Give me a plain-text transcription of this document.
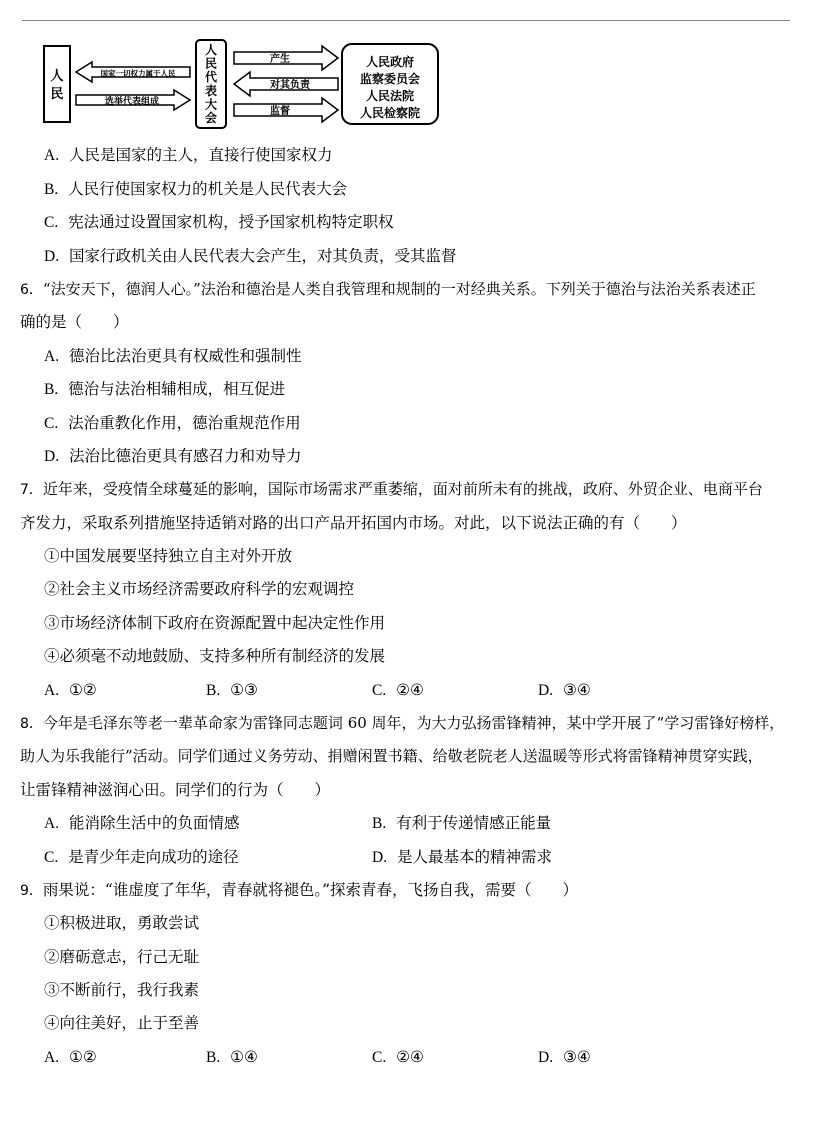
人
民
国家一切权力属于人民
选举代表组成
产生
对其负责
监督
人民政府
监察委员会
人民法院
人民检察院
人
民
代
表
大
会
A. 人民是国家的主人，直接行使国家权力
B. 人民行使国家权力的机关是人民代表大会
C. 宪法通过设置国家机构，授予国家机构特定职权
D. 国家行政机关由人民代表大会产生，对其负责，受其监督
6．“法安天下，德润人心。”法治和德治是人类自我管理和规制的一对经典关系。下列关于德治与法治关系表述正
确的是（　　）
A. 德治比法治更具有权威性和强制性
B. 德治与法治相辅相成，相互促进
C. 法治重教化作用，德治重规范作用
D. 法治比德治更具有感召力和劝导力
7．近年来，受疫情全球蔓延的影响，国际市场需求严重萎缩，面对前所未有的挑战，政府、外贸企业、电商平台
齐发力，采取系列措施坚持适销对路的出口产品开拓国内市场。对此，以下说法正确的有（　　）
①中国发展要坚持独立自主对外开放
②社会主义市场经济需要政府科学的宏观调控
③市场经济体制下政府在资源配置中起决定性作用
④必须毫不动地鼓励、支持多种所有制经济的发展
A. ①②	B. ①③	C. ②④	D. ③④
8．今年是毛泽东等老一辈革命家为雷锋同志题词 60 周年，为大力弘扬雷锋精神，某中学开展了“学习雷锋好榜样，
助人为乐我能行”活动。同学们通过义务劳动、捐赠闲置书籍、给敬老院老人送温暖等形式将雷锋精神贯穿实践，
让雷锋精神滋润心田。同学们的行为（　　）
A. 能消除生活中的负面情感	B. 有利于传递情感正能量
C. 是青少年走向成功的途径	D. 是人最基本的精神需求
9．雨果说：“谁虚度了年华，青春就将褪色。”探索青春，飞扬自我，需要（　　）
①积极进取，勇敢尝试
②磨砺意志，行己无耻
③不断前行，我行我素
④向往美好，止于至善
A. ①②	B. ①④	C. ②④	D. ③④
